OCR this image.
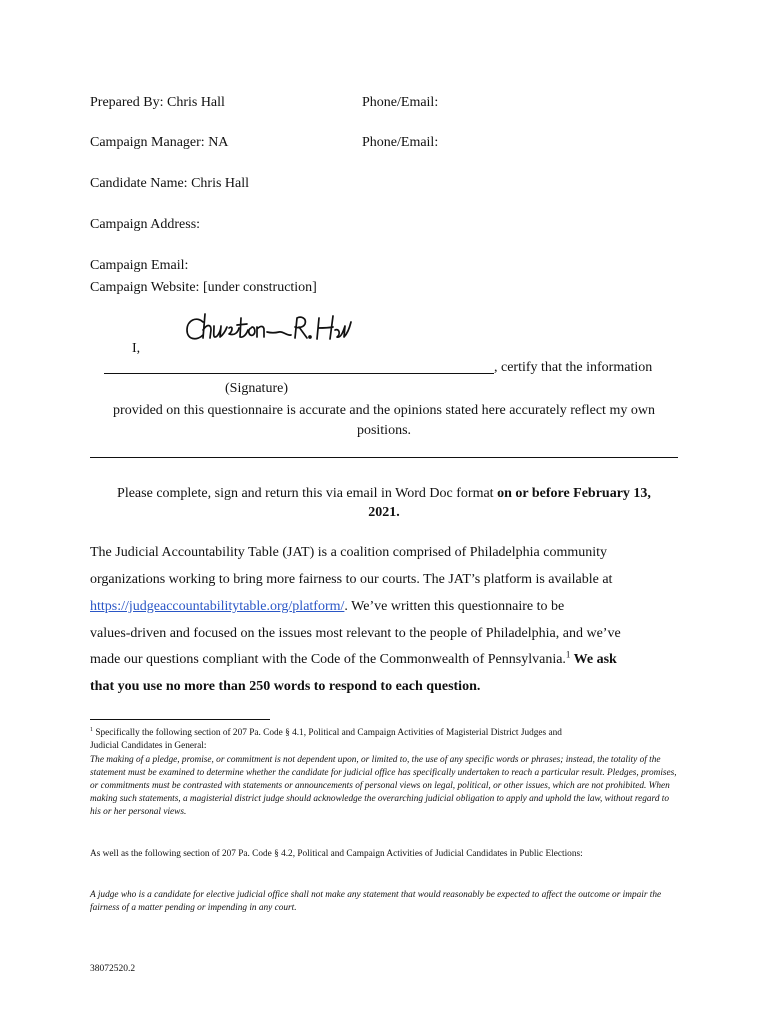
Prepared By: Chris Hall	Phone/Email:
Campaign Manager: NA	Phone/Email:
Candidate Name: Chris Hall
Campaign Address:
Campaign Email:
Campaign Website: [under construction]
I,
, certify that the information
(Signature)
provided on this questionnaire is accurate and the opinions stated here accurately reflect my own
positions.
Please complete, sign and return this via email in Word Doc format on or before February 13,
2021.
The Judicial Accountability Table (JAT) is a coalition comprised of Philadelphia community
organizations working to bring more fairness to our courts. The JAT’s platform is available at
https://judgeaccountabilitytable.org/platform/. We’ve written this questionnaire to be
values-driven and focused on the issues most relevant to the people of Philadelphia, and we’ve
made our questions compliant with the Code of the Commonwealth of Pennsylvania.$^1$ We ask
that you use no more than 250 words to respond to each question.
$^1$ Specifically the following section of 207 Pa. Code § 4.1, Political and Campaign Activities of Magisterial District Judges and
Judicial Candidates in General:
The making of a pledge, promise, or commitment is not dependent upon, or limited to, the use of any specific words or phrases; instead, the totality of the statement must be examined to determine whether the candidate for judicial office has specifically undertaken to reach a particular result. Pledges, promises, or commitments must be contrasted with statements or announcements of personal views on legal, political, or other issues, which are not prohibited. When making such statements, a magisterial district judge should acknowledge the overarching judicial obligation to apply and uphold the law, without regard to his or her personal views.
As well as the following section of 207 Pa. Code § 4.2, Political and Campaign Activities of Judicial Candidates in Public Elections:
A judge who is a candidate for elective judicial office shall not make any statement that would reasonably be expected to affect the outcome or impair the fairness of a matter pending or impending in any court.
38072520.2
